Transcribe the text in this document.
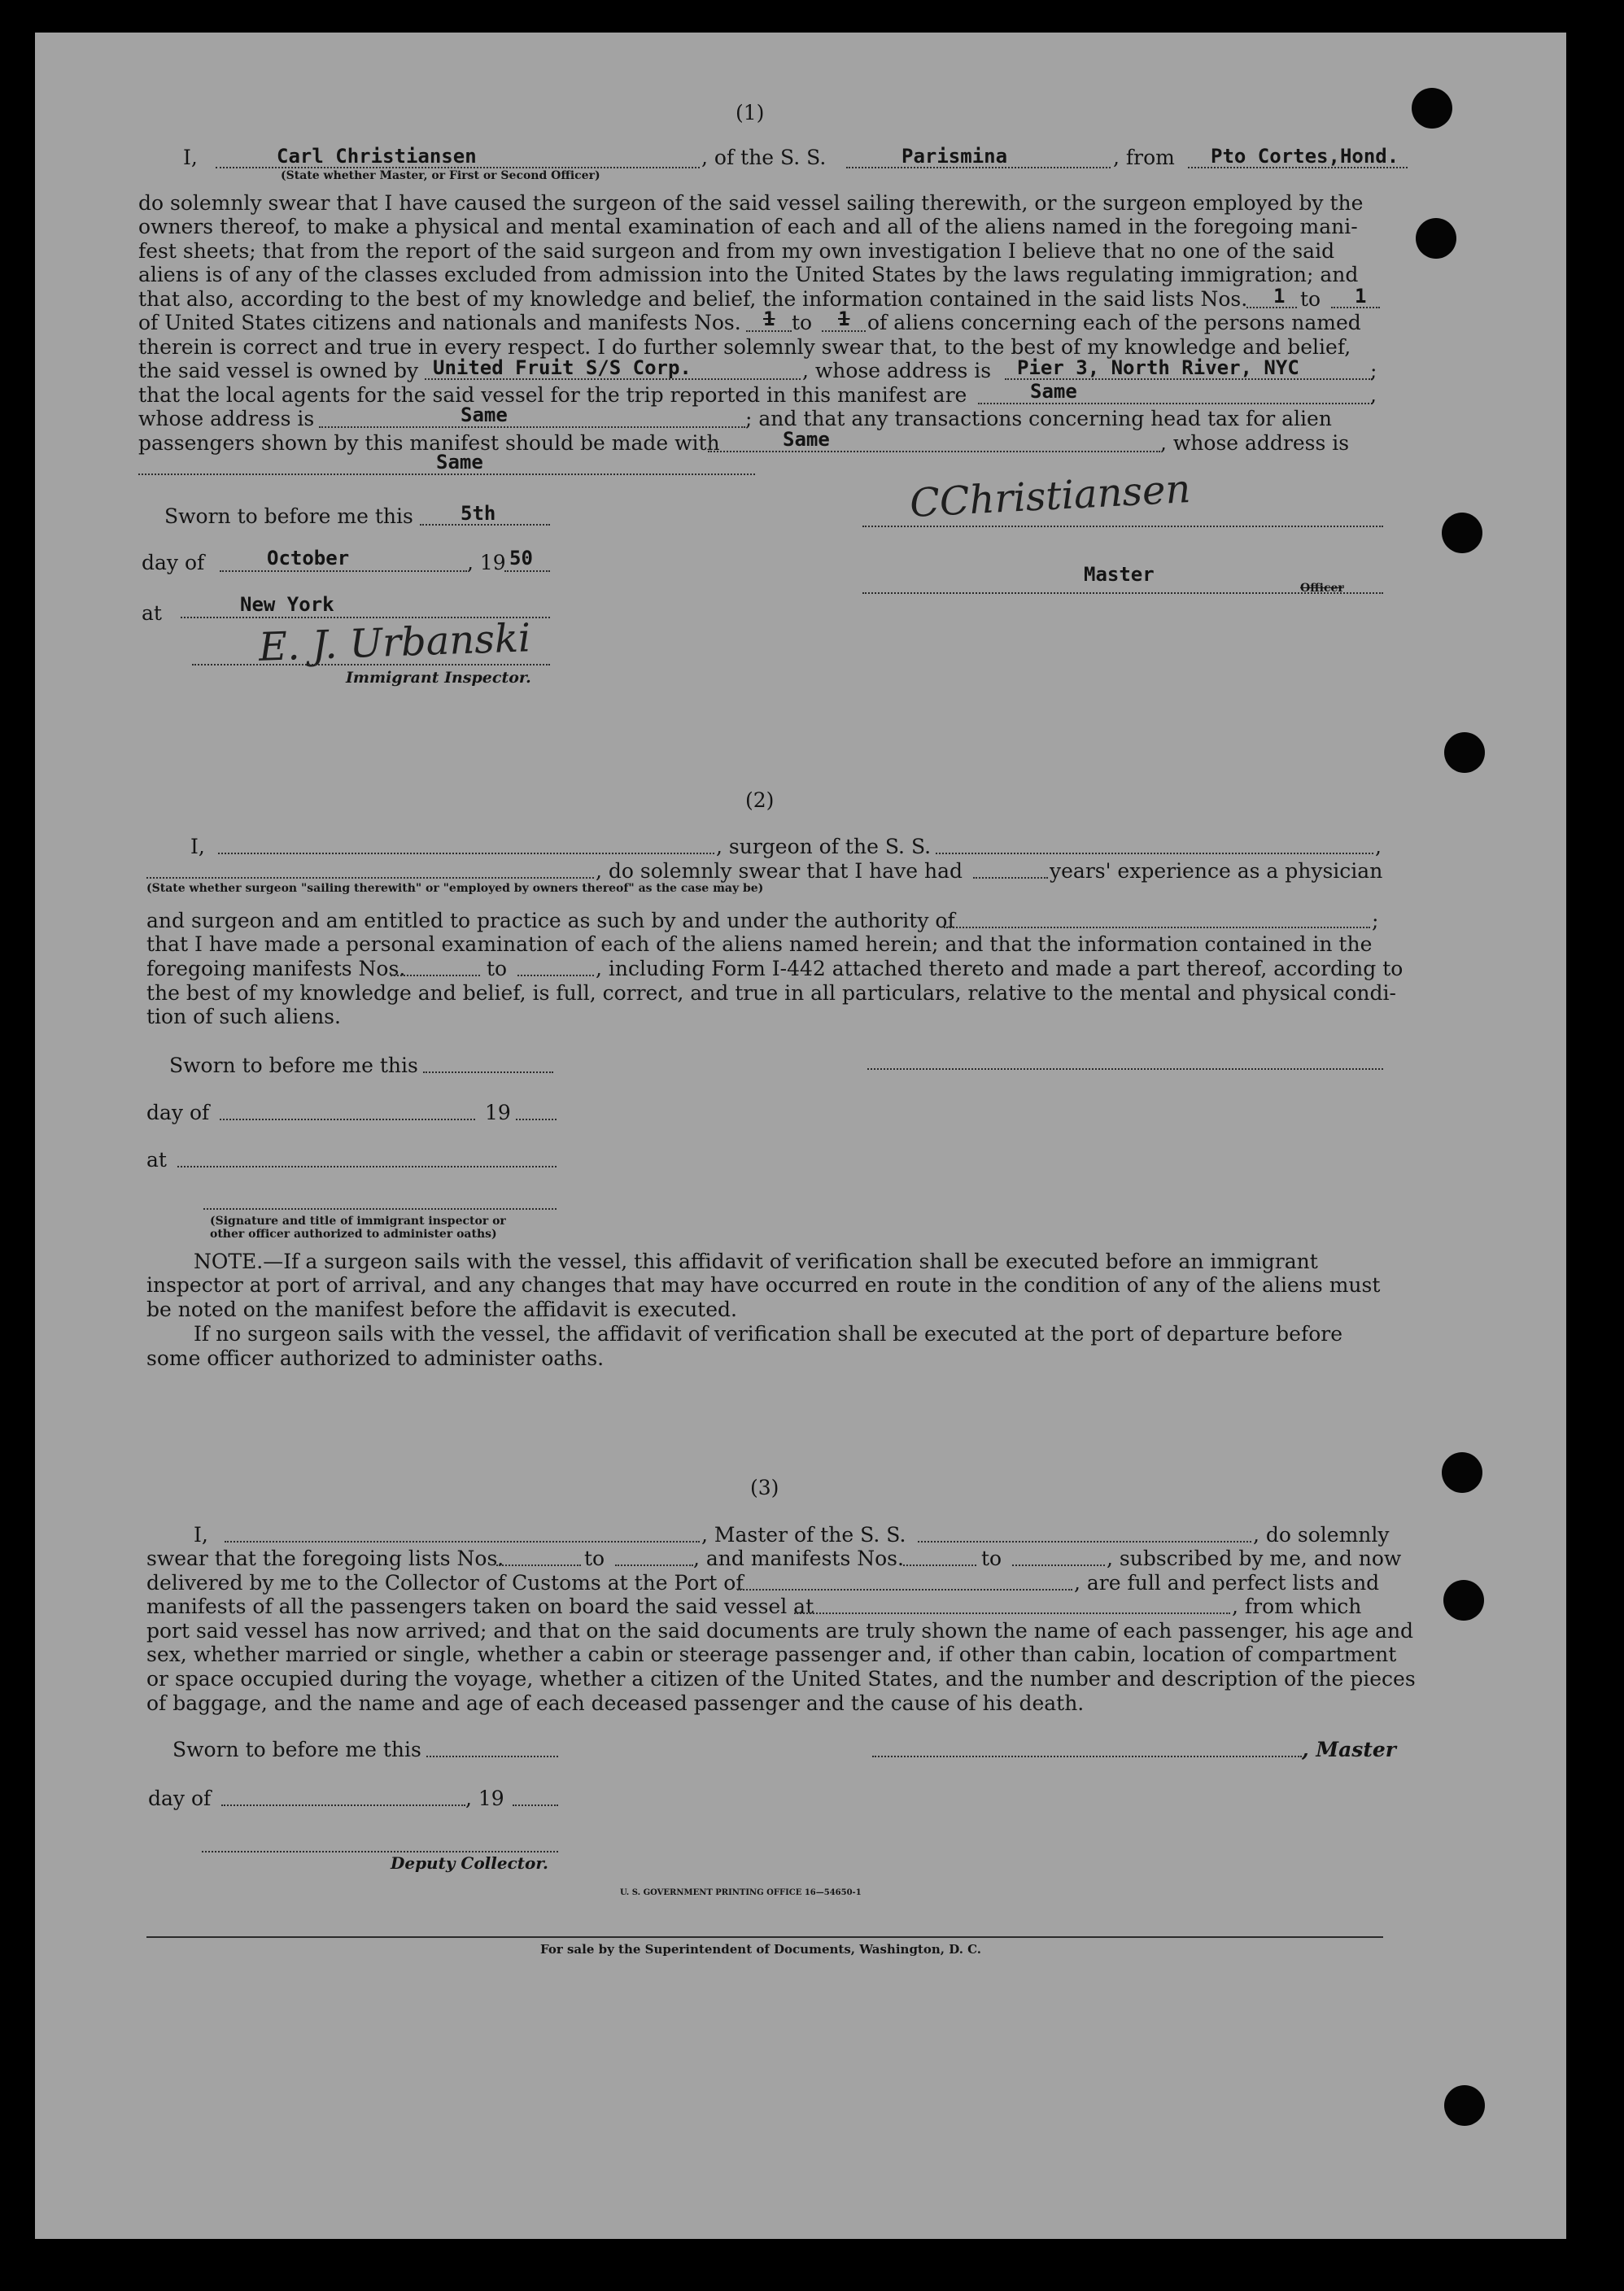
(1)
I,	Carl Christiansen	, of the S. S.	Parismina	, from Pto Cortes,Hond.
(State whether Master, or First or Second Officer)
do solemnly swear that I have caused the surgeon of the said vessel sailing therewith, or the surgeon employed by the
owners thereof, to make a physical and mental examination of each and all of the aliens named in the foregoing mani-
fest sheets; that from the report of the said surgeon and from my own investigation I believe that no one of the said
aliens is of any of the classes excluded from admission into the United States by the laws regulating immigration; and
that also, according to the best of my knowledge and belief, the information contained in the said lists Nos. 1 to 1
of United States citizens and nationals and manifests Nos. 1 to 1 of aliens concerning each of the persons named
therein is correct and true in every respect. I do further solemnly swear that, to the best of my knowledge and belief,
the said vessel is owned by United Fruit S/S Corp.	, whose address is Pier 3, North River, NYC	;
that the local agents for the said vessel for the trip reported in this manifest are	Same	,
whose address is	Same	; and that any transactions concerning head tax for alien
passengers shown by this manifest should be made with	Same	, whose address is
Same
Sworn to before me this 5th
day of	October	, 19 50
at	New York
CChristiansen
Master
Officer
E. J. Urbanski
Immigrant Inspector.
(2)
I,	, surgeon of the S. S.	,
, do solemnly swear that I have had	years' experience as a physician
(State whether surgeon "sailing therewith" or "employed by owners thereof" as the case may be)
and surgeon and am entitled to practice as such by and under the authority of	;
that I have made a personal examination of each of the aliens named herein; and that the information contained in the
foregoing manifests Nos.	to	, including Form I-442 attached thereto and made a part thereof, according to
the best of my knowledge and belief, is full, correct, and true in all particulars, relative to the mental and physical condi-
tion of such aliens.
Sworn to before me this
day of	19
at
(Signature and title of immigrant inspector or
other officer authorized to administer oaths)
NOTE.—If a surgeon sails with the vessel, this affidavit of verification shall be executed before an immigrant
inspector at port of arrival, and any changes that may have occurred en route in the condition of any of the aliens must
be noted on the manifest before the affidavit is executed.
If no surgeon sails with the vessel, the affidavit of verification shall be executed at the port of departure before
some officer authorized to administer oaths.
(3)
I,	, Master of the S. S.	, do solemnly
swear that the foregoing lists Nos.	to	, and manifests Nos.	to	, subscribed by me, and now
delivered by me to the Collector of Customs at the Port of	, are full and perfect lists and
manifests of all the passengers taken on board the said vessel at	, from which
port said vessel has now arrived; and that on the said documents are truly shown the name of each passenger, his age and
sex, whether married or single, whether a cabin or steerage passenger and, if other than cabin, location of compartment
or space occupied during the voyage, whether a citizen of the United States, and the number and description of the pieces
of baggage, and the name and age of each deceased passenger and the cause of his death.
Sworn to before me this	, Master
day of	, 19
Deputy Collector.
U. S. GOVERNMENT PRINTING OFFICE 16—54650-1
For sale by the Superintendent of Documents, Washington, D. C.
